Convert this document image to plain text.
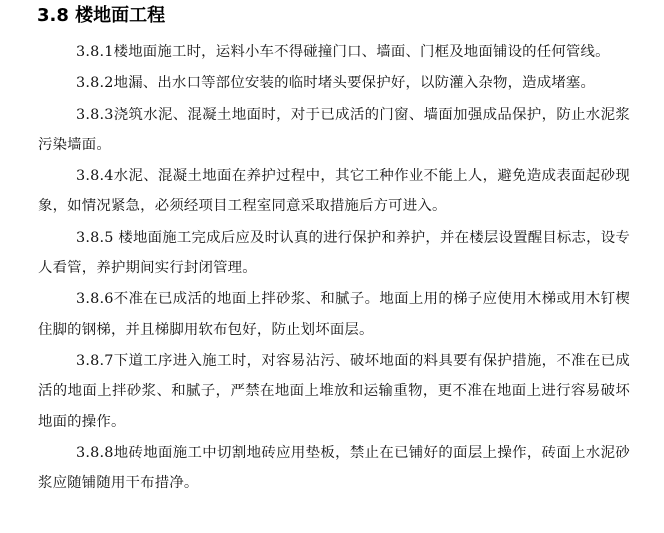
3.8 楼地面工程

3.8.1楼地面施工时，运料小车不得碰撞门口、墙面、门框及地面铺设的任何管线。

3.8.2地漏、出水口等部位安装的临时堵头要保护好，以防灌入杂物，造成堵塞。

3.8.3浇筑水泥、混凝土地面时，对于已成活的门窗、墙面加强成品保护，防止水泥浆污染墙面。

3.8.4水泥、混凝土地面在养护过程中，其它工种作业不能上人，避免造成表面起砂现象，如情况紧急，必须经项目工程室同意采取措施后方可进入。

3.8.5 楼地面施工完成后应及时认真的进行保护和养护，并在楼层设置醒目标志，设专人看管，养护期间实行封闭管理。

3.8.6不准在已成活的地面上拌砂浆、和腻子。地面上用的梯子应使用木梯或用木钉楔住脚的钢梯，并且梯脚用软布包好，防止划坏面层。

3.8.7下道工序进入施工时，对容易沾污、破坏地面的料具要有保护措施，不准在已成活的地面上拌砂浆、和腻子，严禁在地面上堆放和运输重物，更不准在地面上进行容易破坏地面的操作。

3.8.8地砖地面施工中切割地砖应用垫板，禁止在已铺好的面层上操作，砖面上水泥砂浆应随铺随用干布措净。
